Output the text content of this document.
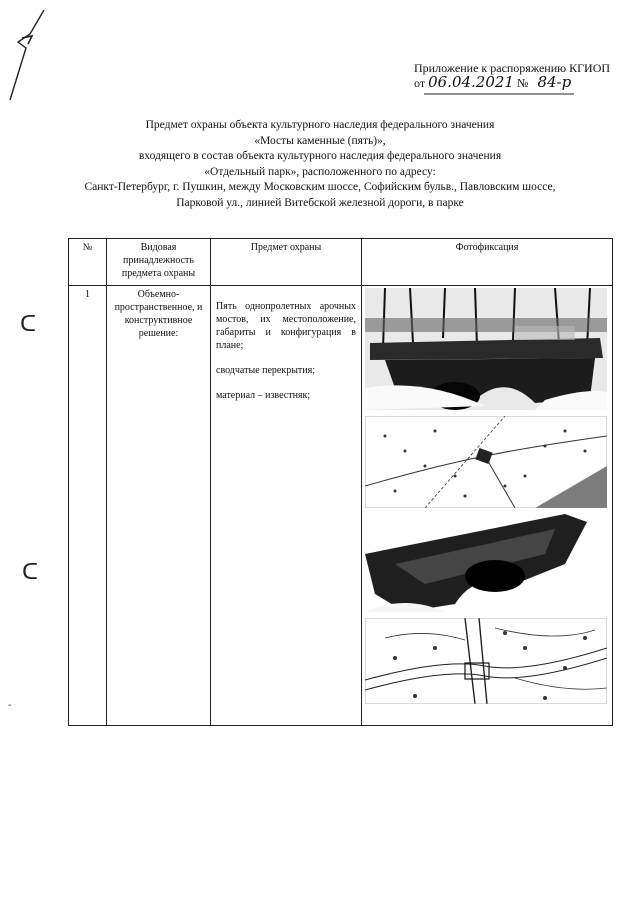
Приложение к распоряжению КГИОП
от 06.04.2021 № 84-р
Предмет охраны объекта культурного наследия федерального значения
«Мосты каменные (пять)»,
входящего в состав объекта культурного наследия федерального значения
«Отдельный парк», расположенного по адресу:
Санкт-Петербург, г. Пушкин, между Московским шоссе, Софийским бульв., Павловским шоссе,
Парковой ул., линией Витебской железной дороги, в парке
№	Видовая принадлежность предмета охраны	Предмет охраны	Фотофиксация
1	Объемно-пространственное, и конструктивное решение:	Пять однопролетных арочных мостов, их местоположение, габариты и конфигурация в плане;

сводчатые перекрытия;

материал – известняк;

ᑕ
ᑕ
-
